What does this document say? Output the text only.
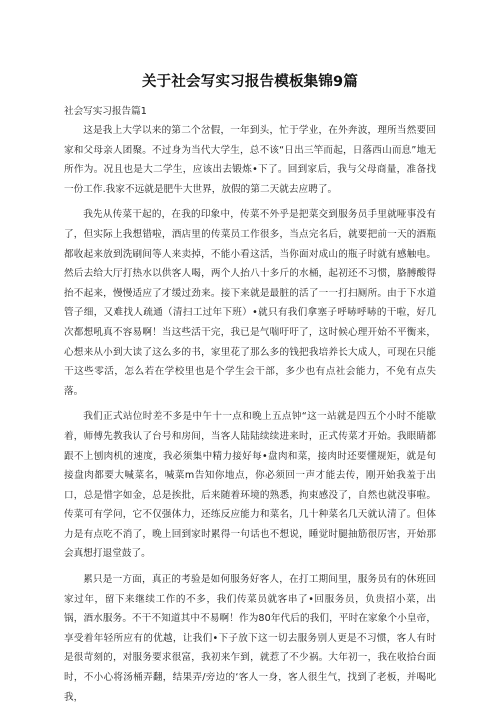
关于社会写实习报告模板集锦9篇

社会写实习报告篇1

这是我上大学以来的第二个岔假，一年到头，忙于学业，在外奔波，理所当然要回家和父母亲人团聚。不过身为当代大学生，总不该“日出三竿而起，日落西山而息”地无所作为。况且也是大二学生，应该出去锻炼•下了。回到家后，我与父母商量，准备找一份工作.我家不远就是肥牛大世界，放假的第二天就去应聘了。

我先从传菜干起的，在我的印象中，传菜不外乎是把菜交到服务员手里就哑事没有了，但实际上我想错啦，酒店里的传菜员工作很多，当点完名后，就要把前一天的酒瓶都收起来放到洗刷间等人来卖掉，不能小看这活，当你面对成山的瓶子时就有感触电。然后去给大厅打热水以供客人喝，两个人抬八十多斤的水桶，起初还不习惯，胳膊酸得抬不起来，慢慢适应了才缓过劲来。接下来就是最脏的活了一一打扫厕所。由于下水道管子细，又难找人疏通（清扫工过年下班）•就只有我们拿塞子呼哧呼哧的干啦，好几次都想吼真不容易啊！当这些活干完，我已是气喘吁吁了，这时候心理开始不平衡来，心想来从小到大读了这么多的书，家里花了那么多的钱把我培养长大成人，可现在只能干这些零活，怎么若在学校里也是个学生会干部，多少也有点社会能力，不免有点失落。

我们正式站位时差不多是中午十一点和晚上五点钟“这一站就是四五个小时不能歇着，师傅先教我认了台号和房间，当客人陆陆续续进来时，正式传菜才开始。我眼睛都跟不上刨肉机的速度，我必须集中精力接好每•盘肉和菜，接肉时还要懂规矩，就是旬接盘肉都要大喊菜名，喊菜m告知你地点，你必须回一声才能去传，刚开始我羞于出口，总是惜字如金，总是挨批，后来随着环境的熟悉，拘束感没了，自然也就没事啦。传菜可有学问，它不仅强体力，还练反应能力和菜名，几十种菜名几天就认清了。但体力是有点吃不消了，晚上回到家时累得一句话也不想说，睡觉时腿抽筋很厉害，开始那会真想打退堂鼓了。

累只是一方面，真正的考验是如何服务好客人，在打工期间里，服务员有的休班回家过年，留下来继续工作的不多，我们传菜员就客串了•回服务员，负贵招小菜，出锅，酒水服务。不干不知道其中不易啊！作为80年代后的我们，平时在家象个小皇帝，享受着年轻所应有的优越，让我们•下子放下这一切去服务别人更是不习惯，客人有时是很苛刻的，对服务要求很富，我初来乍到，就惹了不少祸。大年初一，我在收拾台面时，不小心将汤桶弄翻，结果弄/旁边的‘客人一身，客人很生气，找到了老板，并喝叱我，
